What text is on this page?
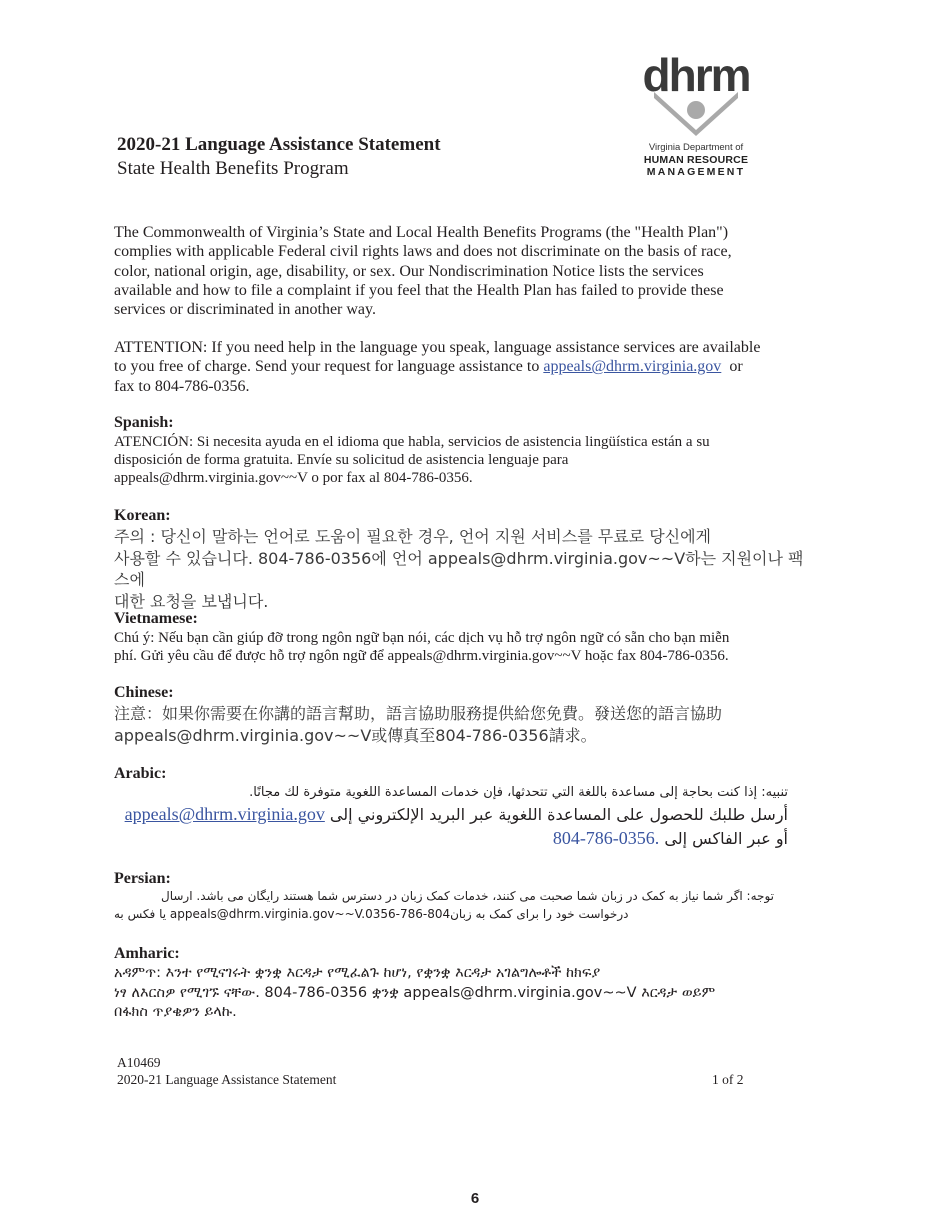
dhrm
Virginia Department of
HUMAN RESOURCE
MANAGEMENT
2020-21 Language Assistance Statement
State Health Benefits Program
The Commonwealth of Virginia’s State and Local Health Benefits Programs (the "Health Plan")
complies with applicable Federal civil rights laws and does not discriminate on the basis of race,
color, national origin, age, disability, or sex. Our Nondiscrimination Notice lists the services
available and how to file a complaint if you feel that the Health Plan has failed to provide these
services or discriminated in another way.
ATTENTION: If you need help in the language you speak, language assistance services are available
to you free of charge. Send your request for language assistance to appeals@dhrm.virginia.gov  or
fax to 804-786-0356.
Spanish:
ATENCIÓN: Si necesita ayuda en el idioma que habla, servicios de asistencia lingüística están a su
disposición de forma gratuita. Envíe su solicitud de asistencia lenguaje para
appeals@dhrm.virginia.gov~~V o por fax al 804-786-0356.
Korean:
주의 : 당신이 말하는 언어로 도움이 필요한 경우, 언어 지원 서비스를 무료로 당신에게
사용할 수 있습니다. 804-786-0356에 언어 appeals@dhrm.virginia.gov~~V하는 지원이나 팩스에
대한 요청을 보냅니다.
Vietnamese:
Chú ý: Nếu bạn cần giúp đỡ trong ngôn ngữ bạn nói, các dịch vụ hỗ trợ ngôn ngữ có sẵn cho bạn miễn
phí. Gửi yêu cầu để được hỗ trợ ngôn ngữ để appeals@dhrm.virginia.gov~~V hoặc fax 804-786-0356.
Chinese:
注意：如果你需要在你講的語言幫助，語言協助服務提供給您免費。發送您的語言協助
appeals@dhrm.virginia.gov~~V或傳真至804-786-0356請求。
Arabic:
تنبيه: إذا كنت بحاجة إلى مساعدة باللغة التي تتحدثها، فإن خدمات المساعدة اللغوية متوفرة لك مجانًا.
أرسل طلبك للحصول على المساعدة اللغوية عبر البريد الإلكتروني إلى appeals@dhrm.virginia.gov
أو عبر الفاكس إلى 804-786-0356.
Persian:
توجه: اگر شما نیاز به کمک در زبان شما صحبت می کنند، خدمات کمک زبان در دسترس شما هستند رایگان می باشد. ارسال
درخواست خود را برای کمک به زبانappeals@dhrm.virginia.gov~~V.0356-786-804 یا فکس به
Amharic:
አዳምጥ: እንተ የሚናገሩት ቋንቋ እርዳታ የሚፈልጉ ከሆነ, የቋንቋ እርዳታ አገልግሎቶች ከክፍያ
ነፃ ለእርስዎ የሚገኙ ናቸው. 804-786-0356 ቋንቋ appeals@dhrm.virginia.gov~~V እርዳታ ወይም
በፋክስ ጥያቄዎን ይላኩ.
A10469
2020-21 Language Assistance Statement	1 of 2
6
